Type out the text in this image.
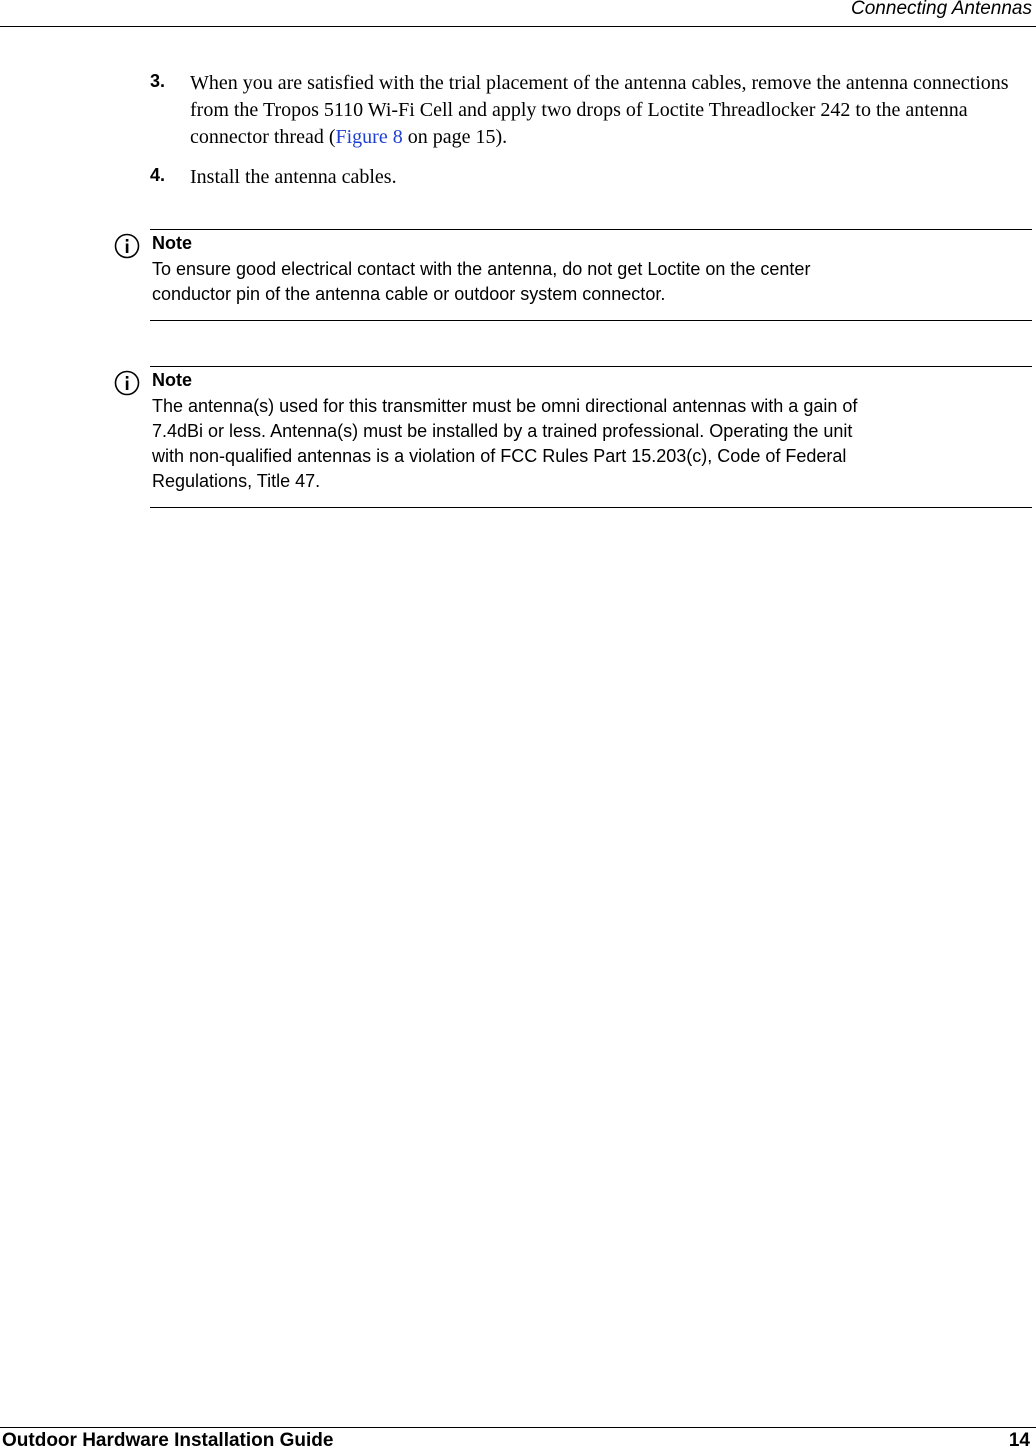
Connecting Antennas
3. When you are satisfied with the trial placement of the antenna cables, remove the antenna connections from the Tropos 5110 Wi-Fi Cell and apply two drops of Loctite Threadlocker 242 to the antenna connector thread (Figure 8 on page 15).
4. Install the antenna cables.
Note
To ensure good electrical contact with the antenna, do not get Loctite on the center
conductor pin of the antenna cable or outdoor system connector.
Note
The antenna(s) used for this transmitter must be omni directional antennas with a gain of
7.4dBi or less. Antenna(s) must be installed by a trained professional. Operating the unit
with non-qualified antennas is a violation of FCC Rules Part 15.203(c), Code of Federal
Regulations, Title 47.
Outdoor Hardware Installation Guide	14
